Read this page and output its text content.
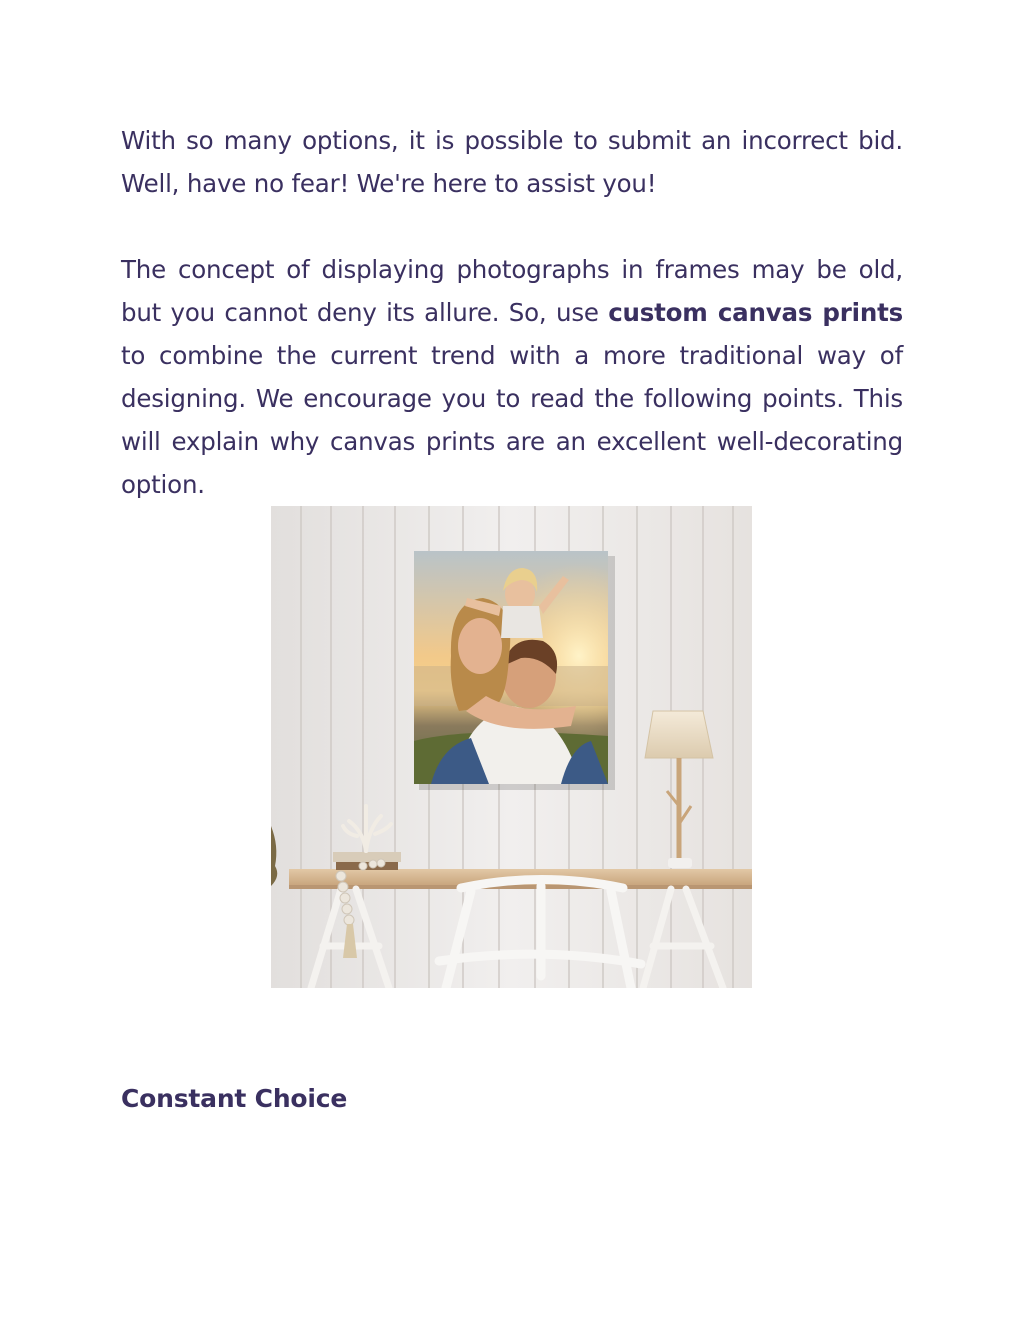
With so many options, it is possible to submit an incorrect bid. Well, have no fear! We're here to assist you!

The concept of displaying photographs in frames may be old, but you cannot deny its allure. So, use custom canvas prints to combine the current trend with a more traditional way of designing. We encourage you to read the following points. This will explain why canvas prints are an excellent well-decorating option.

Constant Choice
